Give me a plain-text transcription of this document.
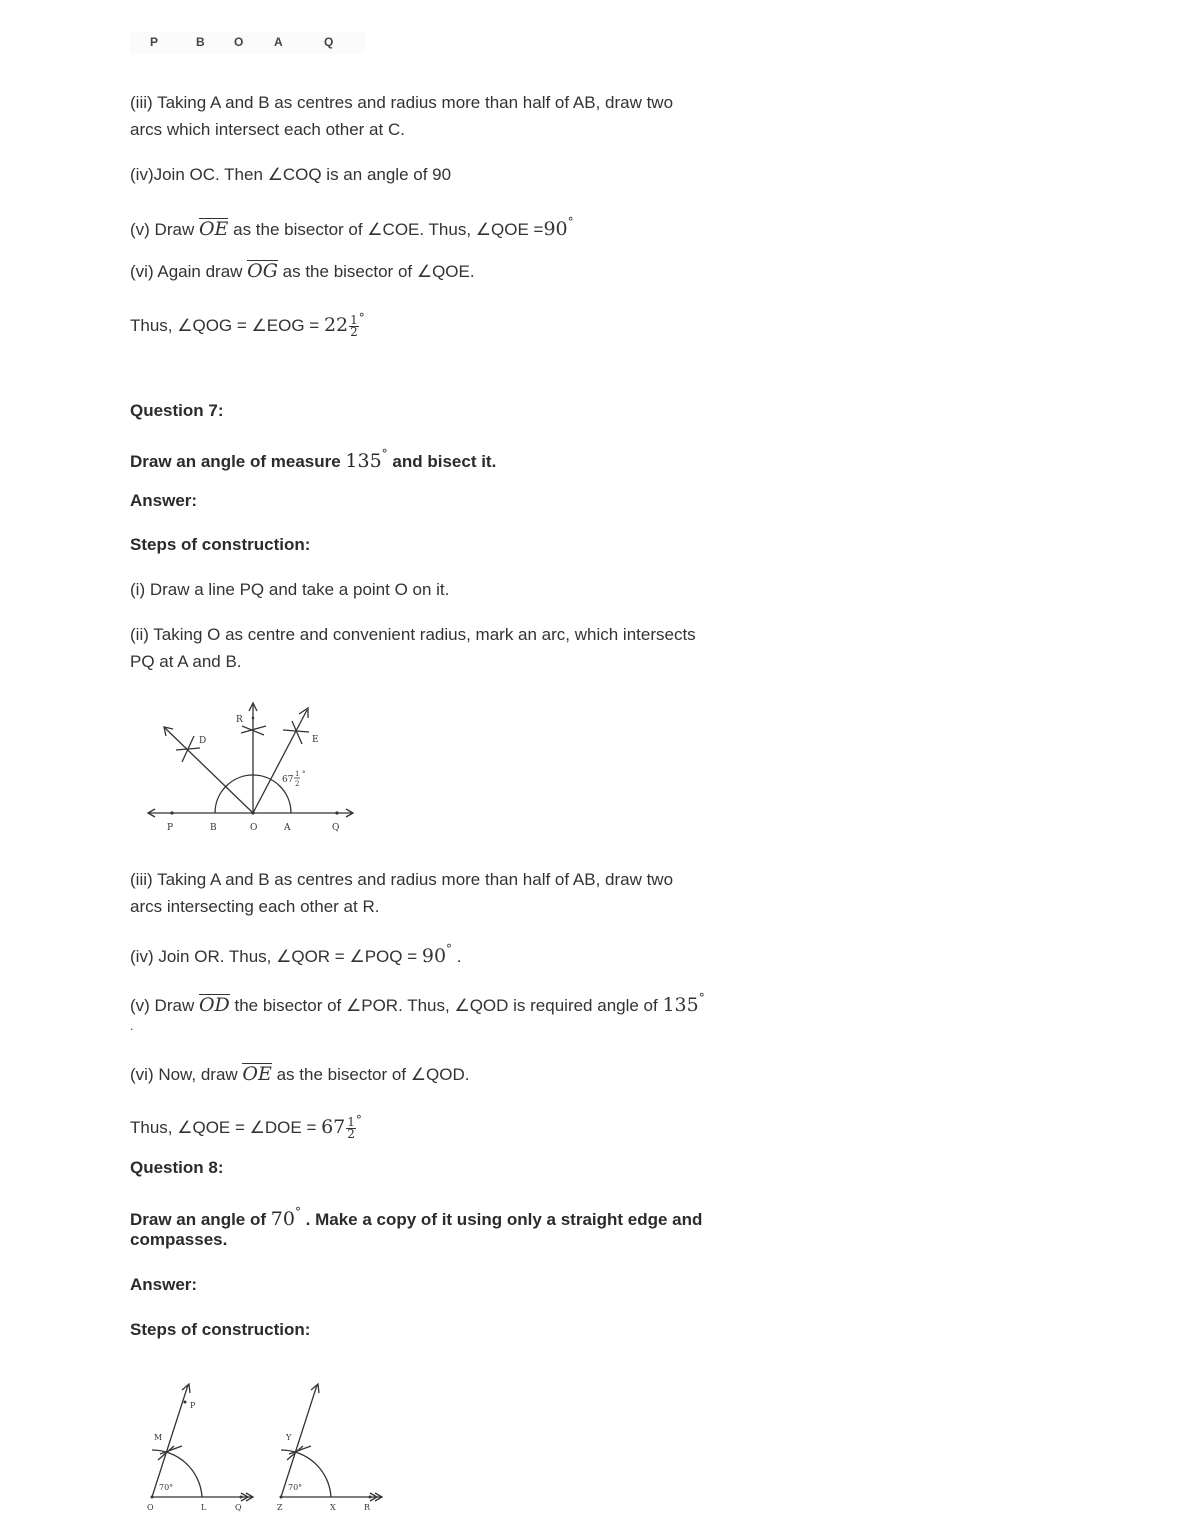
P	B O	A	Q
(iii) Taking A and B as centres and radius more than half of AB, draw two
arcs which intersect each other at C.
(iv)Join OC. Then ∠COQ is an angle of 90
(v) Draw OE as the bisector of ∠COE. Thus, ∠QOE =90°
(vi) Again draw OG as the bisector of ∠QOE.
Thus, ∠QOG = ∠EOG = $22 \frac{1}{2} ^\circ$
Question 7:
Draw an angle of measure 135° and bisect it.
Answer:
Steps of construction:
(i) Draw a line PQ and take a point O on it.
(ii) Taking O as centre and convenient radius, mark an arc, which intersects
PQ at A and B.
P	B	O	A	Q
R
D	E
67
1
2
°
(iii) Taking A and B as centres and radius more than half of AB, draw two
arcs intersecting each other at R.
(iv) Join OR. Thus, ∠QOR = ∠POQ = 90° .
(v) Draw OD the bisector of ∠POR. Thus, ∠QOD is required angle of 135°
.
(vi) Now, draw OE as the bisector of ∠QOD.
Thus, ∠QOE = ∠DOE = $67 \frac{1}{2} ^\circ$
Question 8:
Draw an angle of 70° . Make a copy of it using only a straight edge and
compasses.
Answer:
Steps of construction:
M
P
O	L	Q
70°
Y
Z	X	R
70°
